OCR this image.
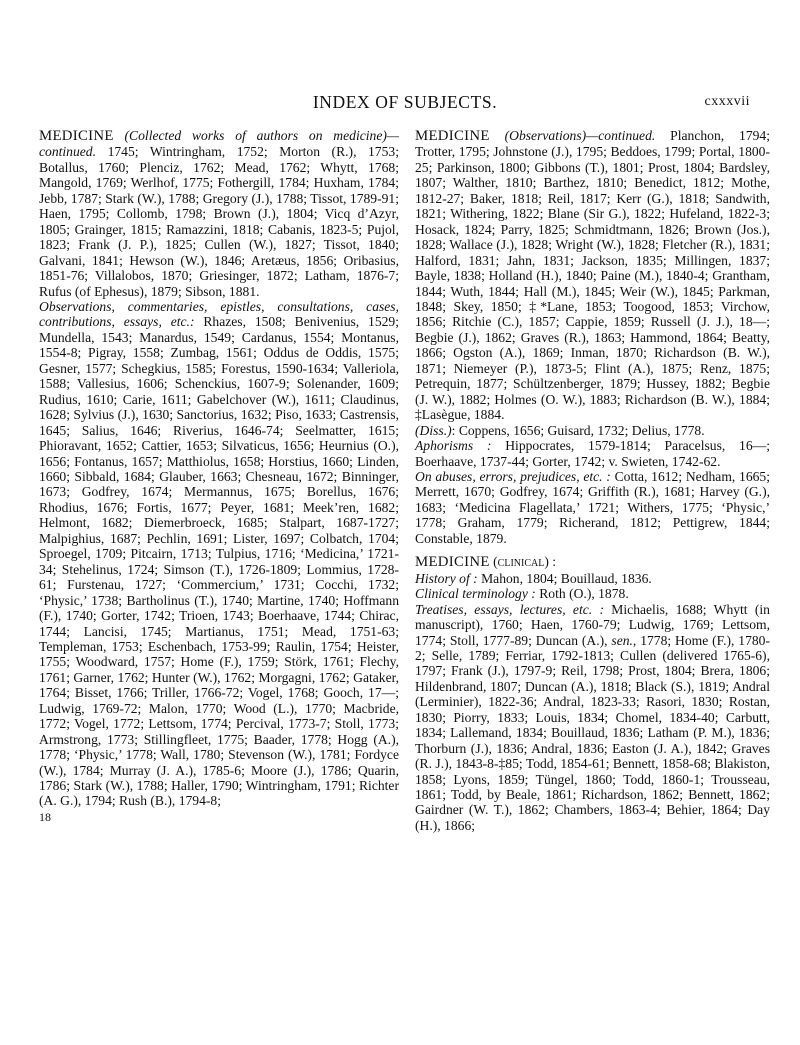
INDEX OF SUBJECTS.	cxxxvii

MEDICINE (Collected works of authors on medicine)—continued. 1745; Wintringham, 1752; Morton (R.), 1753; Botallus, 1760; Plenciz, 1762; Mead, 1762; Whytt, 1768; Mangold, 1769; Werlhof, 1775; Fothergill, 1784; Huxham, 1784; Jebb, 1787; Stark (W.), 1788; Gregory (J.), 1788; Tissot, 1789-91; Haen, 1795; Collomb, 1798; Brown (J.), 1804; Vicq d’Azyr, 1805; Grainger, 1815; Ramazzini, 1818; Cabanis, 1823-5; Pujol, 1823; Frank (J. P.), 1825; Cullen (W.), 1827; Tissot, 1840; Galvani, 1841; Hewson (W.), 1846; Aretæus, 1856; Oribasius, 1851-76; Villalobos, 1870; Griesinger, 1872; Latham, 1876-7; Rufus (of Ephesus), 1879; Sibson, 1881.

Observations, commentaries, epistles, consultations, cases, contributions, essays, etc.: Rhazes, 1508; Benivenius, 1529; Mundella, 1543; Manardus, 1549; Cardanus, 1554; Montanus, 1554-8; Pigray, 1558; Zumbag, 1561; Oddus de Oddis, 1575; Gesner, 1577; Schegkius, 1585; Forestus, 1590-1634; Valleriola, 1588; Vallesius, 1606; Schenckius, 1607-9; Solenander, 1609; Rudius, 1610; Carie, 1611; Gabelchover (W.), 1611; Claudinus, 1628; Sylvius (J.), 1630; Sanctorius, 1632; Piso, 1633; Castrensis, 1645; Salius, 1646; Riverius, 1646-74; Seelmatter, 1615; Phioravant, 1652; Cattier, 1653; Silvaticus, 1656; Heurnius (O.), 1656; Fontanus, 1657; Matthiolus, 1658; Horstius, 1660; Linden, 1660; Sibbald, 1684; Glauber, 1663; Chesneau, 1672; Binninger, 1673; Godfrey, 1674; Mermannus, 1675; Borellus, 1676; Rhodius, 1676; Fortis, 1677; Peyer, 1681; Meek’ren, 1682; Helmont, 1682; Diemerbroeck, 1685; Stalpart, 1687-1727; Malpighius, 1687; Pechlin, 1691; Lister, 1697; Colbatch, 1704; Sproegel, 1709; Pitcairn, 1713; Tulpius, 1716; ‘Medicina,’ 1721-34; Stehelinus, 1724; Simson (T.), 1726-1809; Lommius, 1728-61; Furstenau, 1727; ‘Commercium,’ 1731; Cocchi, 1732; ‘Physic,’ 1738; Bartholinus (T.), 1740; Martine, 1740; Hoffmann (F.), 1740; Gorter, 1742; Trioen, 1743; Boerhaave, 1744; Chirac, 1744; Lancisi, 1745; Martianus, 1751; Mead, 1751-63; Templeman, 1753; Eschenbach, 1753-99; Raulin, 1754; Heister, 1755; Woodward, 1757; Home (F.), 1759; Störk, 1761; Flechy, 1761; Garner, 1762; Hunter (W.), 1762; Morgagni, 1762; Gataker, 1764; Bisset, 1766; Triller, 1766-72; Vogel, 1768; Gooch, 17—; Ludwig, 1769-72; Malon, 1770; Wood (L.), 1770; Macbride, 1772; Vogel, 1772; Lettsom, 1774; Percival, 1773-7; Stoll, 1773; Armstrong, 1773; Stillingfleet, 1775; Baader, 1778; Hogg (A.), 1778; ‘Physic,’ 1778; Wall, 1780; Stevenson (W.), 1781; Fordyce (W.), 1784; Murray (J. A.), 1785-6; Moore (J.), 1786; Quarin, 1786; Stark (W.), 1788; Haller, 1790; Wintringham, 1791; Richter (A. G.), 1794; Rush (B.), 1794-8;

18

MEDICINE (Observations)—continued. Planchon, 1794; Trotter, 1795; Johnstone (J.), 1795; Beddoes, 1799; Portal, 1800-25; Parkinson, 1800; Gibbons (T.), 1801; Prost, 1804; Bardsley, 1807; Walther, 1810; Barthez, 1810; Benedict, 1812; Mothe, 1812-27; Baker, 1818; Reil, 1817; Kerr (G.), 1818; Sandwith, 1821; Withering, 1822; Blane (Sir G.), 1822; Hufeland, 1822-3; Hosack, 1824; Parry, 1825; Schmidtmann, 1826; Brown (Jos.), 1828; Wallace (J.), 1828; Wright (W.), 1828; Fletcher (R.), 1831; Halford, 1831; Jahn, 1831; Jackson, 1835; Millingen, 1837; Bayle, 1838; Holland (H.), 1840; Paine (M.), 1840-4; Grantham, 1844; Wuth, 1844; Hall (M.), 1845; Weir (W.), 1845; Parkman, 1848; Skey, 1850; ‡*Lane, 1853; Toogood, 1853; Virchow, 1856; Ritchie (C.), 1857; Cappie, 1859; Russell (J. J.), 18—; Begbie (J.), 1862; Graves (R.), 1863; Hammond, 1864; Beatty, 1866; Ogston (A.), 1869; Inman, 1870; Richardson (B. W.), 1871; Niemeyer (P.), 1873-5; Flint (A.), 1875; Renz, 1875; Petrequin, 1877; Schültzenberger, 1879; Hussey, 1882; Begbie (J. W.), 1882; Holmes (O. W.), 1883; Richardson (B. W.), 1884; ‡Lasègue, 1884.

(Diss.): Coppens, 1656; Guisard, 1732; Delius, 1778.

Aphorisms : Hippocrates, 1579-1814; Paracelsus, 16—; Boerhaave, 1737-44; Gorter, 1742; v. Swieten, 1742-62.

On abuses, errors, prejudices, etc. : Cotta, 1612; Nedham, 1665; Merrett, 1670; Godfrey, 1674; Griffith (R.), 1681; Harvey (G.), 1683; ‘Medicina Flagellata,’ 1721; Withers, 1775; ‘Physic,’ 1778; Graham, 1779; Richerand, 1812; Pettigrew, 1844; Constable, 1879.

MEDICINE (clinical) :

History of : Mahon, 1804; Bouillaud, 1836.

Clinical terminology : Roth (O.), 1878.

Treatises, essays, lectures, etc. : Michaelis, 1688; Whytt (in manuscript), 1760; Haen, 1760-79; Ludwig, 1769; Lettsom, 1774; Stoll, 1777-89; Duncan (A.), sen., 1778; Home (F.), 1780-2; Selle, 1789; Ferriar, 1792-1813; Cullen (delivered 1765-6), 1797; Frank (J.), 1797-9; Reil, 1798; Prost, 1804; Brera, 1806; Hildenbrand, 1807; Duncan (A.), 1818; Black (S.), 1819; Andral (Lerminier), 1822-36; Andral, 1823-33; Rasori, 1830; Rostan, 1830; Piorry, 1833; Louis, 1834; Chomel, 1834-40; Carbutt, 1834; Lallemand, 1834; Bouillaud, 1836; Latham (P. M.), 1836; Thorburn (J.), 1836; Andral, 1836; Easton (J. A.), 1842; Graves (R. J.), 1843-8-‡85; Todd, 1854-61; Bennett, 1858-68; Blakiston, 1858; Lyons, 1859; Tüngel, 1860; Todd, 1860-1; Trousseau, 1861; Todd, by Beale, 1861; Richardson, 1862; Bennett, 1862; Gairdner (W. T.), 1862; Chambers, 1863-4; Behier, 1864; Day (H.), 1866;
